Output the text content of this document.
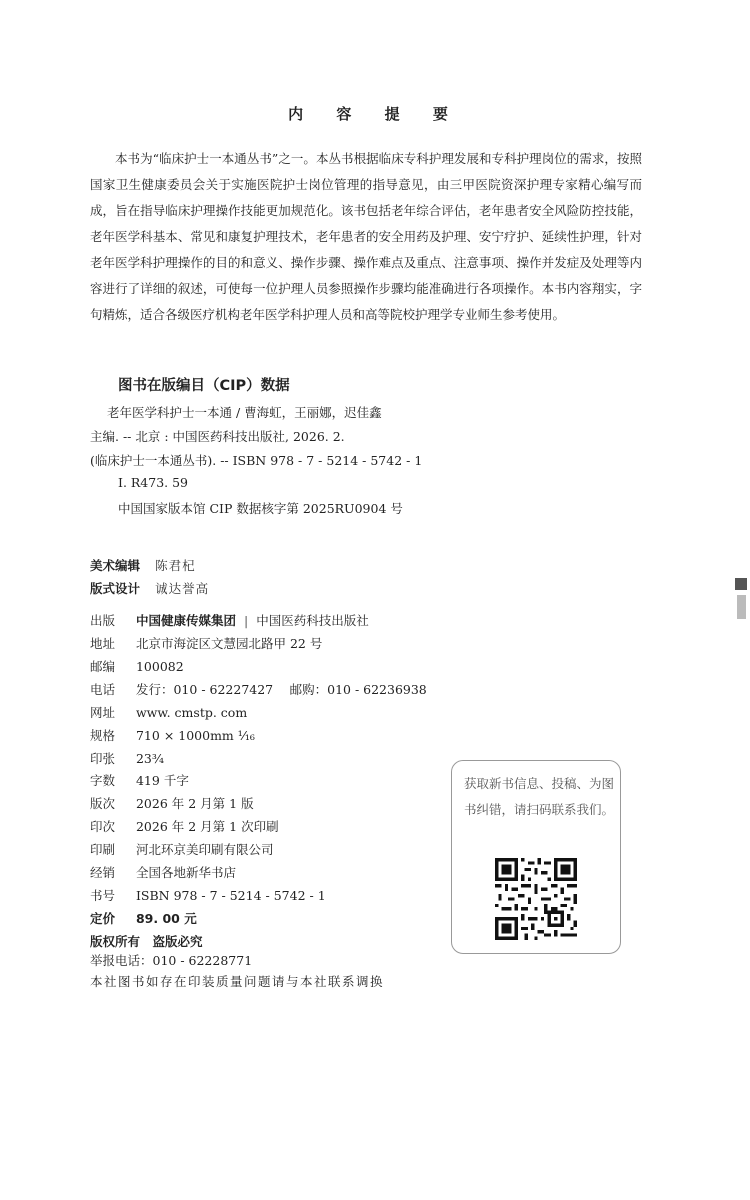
内 容 提 要

本书为“临床护士一本通丛书”之一。本丛书根据临床专科护理发展和专科护理岗位的需求，按照国家卫生健康委员会关于实施医院护士岗位管理的指导意见，由三甲医院资深护理专家精心编写而成，旨在指导临床护理操作技能更加规范化。该书包括老年综合评估，老年患者安全风险防控技能，老年医学科基本、常见和康复护理技术，老年患者的安全用药及护理、安宁疗护、延续性护理，针对老年医学科护理操作的目的和意义、操作步骤、操作难点及重点、注意事项、操作并发症及处理等内容进行了详细的叙述，可使每一位护理人员参照操作步骤均能准确进行各项操作。本书内容翔实，字句精炼，适合各级医疗机构老年医学科护理人员和高等院校护理学专业师生参考使用。

图书在版编目（CIP）数据
老年医学科护士一本通 / 曹海虹，王丽娜，迟佳鑫
主编. -- 北京 : 中国医药科技出版社, 2026. 2.
(临床护士一本通丛书). -- ISBN 978 - 7 - 5214 - 5742 - 1
Ⅰ. R473. 59
中国国家版本馆 CIP 数据核字第 2025RU0904 号
美术编辑 陈君杞
版式设计 诚达誉高
出版 中国健康传媒集团 | 中国医药科技出版社
地址 北京市海淀区文慧园北路甲 22 号
邮编 100082
电话 发行：010 - 62227427　 邮购：010 - 62236938
网址 www. cmstp. com
规格 710 × 1000mm ¹⁄₁₆
印张 23¾
字数 419 千字
版次 2026 年 2 月第 1 版
印次 2026 年 2 月第 1 次印刷
印刷 河北环京美印刷有限公司
经销 全国各地新华书店
书号 ISBN 978 - 7 - 5214 - 5742 - 1
定价 89. 00 元
版权所有　盗版必究
举报电话：010 - 62228771
本社图书如存在印装质量问题请与本社联系调换
获取新书信息、投稿、为图书纠错，请扫码联系我们。
